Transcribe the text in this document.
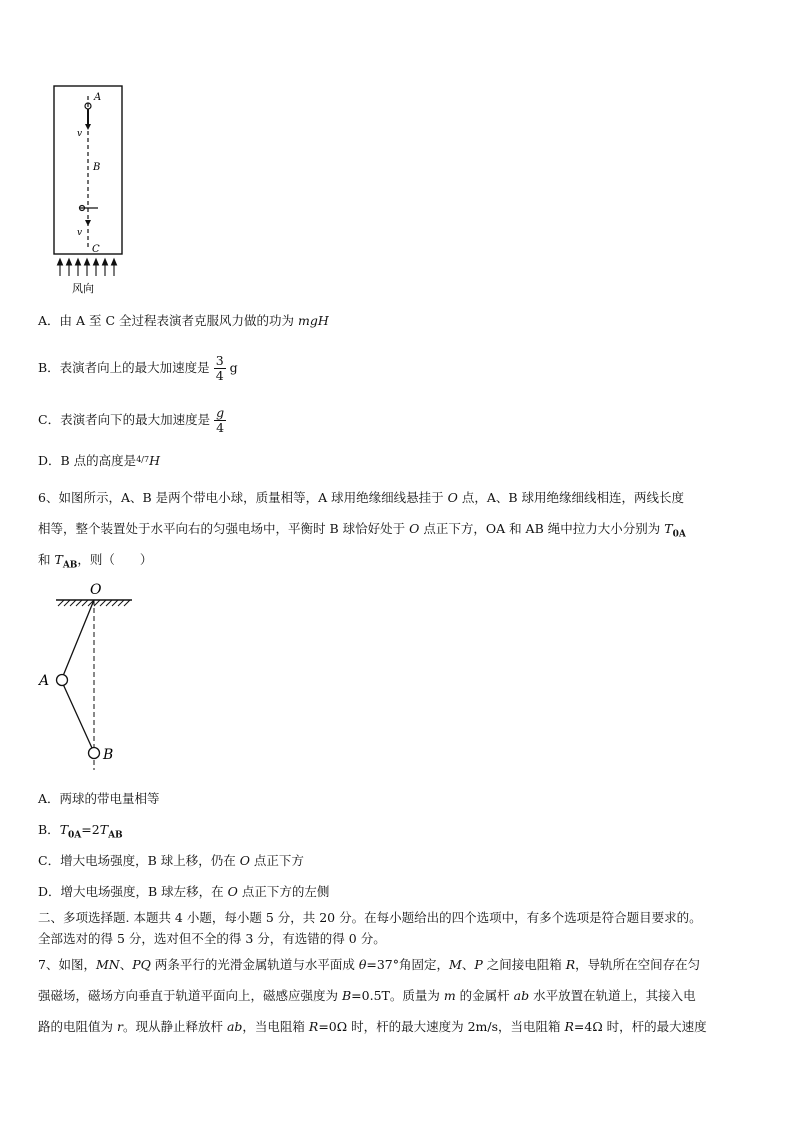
A
v
B
v
C
风向
A．由 A 至 C 全过程表演者克服风力做的功为 mgH
B．表演者向上的最大加速度是 $\frac{3}{4}$ g
C．表演者向下的最大加速度是 $\frac{g}{4}$
D．B 点的高度是$^{4/7}$H
6、如图所示，A、B 是两个带电小球，质量相等，A 球用绝缘细线悬挂于 O 点，A、B 球用绝缘细线相连，两线长度
相等，整个装置处于水平向右的匀强电场中，平衡时 B 球恰好处于 O 点正下方，OA 和 AB 绳中拉力大小分别为 $T_{0A}$
和 $T_{AB}$，则（　　）
O
A
B
A．两球的带电量相等
B．$T_{0A}=2T_{AB}$
C．增大电场强度，B 球上移，仍在 O 点正下方
D．增大电场强度，B 球左移，在 O 点正下方的左侧
二、多项选择题. 本题共 4 小题，每小题 5 分，共 20 分。在每小题给出的四个选项中，有多个选项是符合题目要求的。
全部选对的得 5 分，选对但不全的得 3 分，有选错的得 0 分。
7、如图，MN、PQ 两条平行的光滑金属轨道与水平面成 θ=37°角固定，M、P 之间接电阻箱 R，导轨所在空间存在匀
强磁场，磁场方向垂直于轨道平面向上，磁感应强度为 B=0.5T。质量为 m 的金属杆 ab 水平放置在轨道上，其接入电
路的电阻值为 r。现从静止释放杆 ab，当电阻箱 R=0Ω 时，杆的最大速度为 2m/s，当电阻箱 R=4Ω 时，杆的最大速度
